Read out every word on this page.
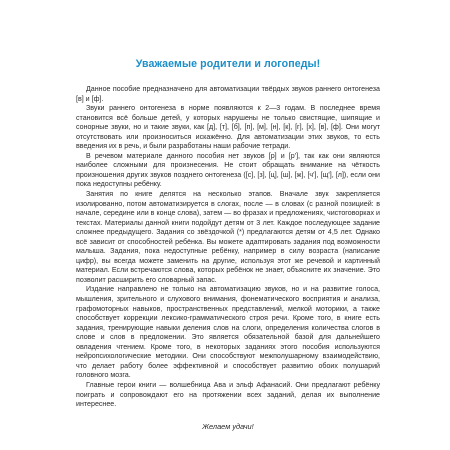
Уважаемые родители и логопеды!

Данное пособие предназначено для автоматизации твёрдых звуков раннего онтогенеза [в] и [ф].

Звуки раннего онтогенеза в норме появляются к 2—3 годам. В последнее время становится всё больше детей, у которых нарушены не только свистящие, шипящие и сонорные звуки, но и такие звуки, как [д], [т], [б], [п], [м], [н], [к], [г], [х], [в], [ф]. Они могут отсутствовать или произноситься искажённо. Для автоматизации этих звуков, то есть введения их в речь, и были разработаны наши рабочие тетради.

В речевом материале данного пособия нет звуков [р] и [р'], так как они являются наиболее сложными для произнесения. Не стоит обращать внимание на чёткость произношения других звуков позднего онтогенеза ([с], [з], [ц], [ш], [ж], [ч'], [щ'], [л]), если они пока недоступны ребёнку.

Занятия по книге делятся на несколько этапов. Вначале звук закрепляется изолированно, потом автоматизируется в слогах, после — в словах (с разной позицией: в начале, середине или в конце слова), затем — во фразах и предложениях, чистоговорках и текстах. Материалы данной книги подойдут детям от 3 лет. Каждое последующее задание сложнее предыдущего. Задания со звёздочкой (*) предлагаются детям от 4,5 лет. Однако всё зависит от способностей ребёнка. Вы можете адаптировать задания под возможности малыша. Задания, пока недоступные ребёнку, например в силу возраста (написание цифр), вы всегда можете заменить на другие, используя этот же речевой и картинный материал. Если встречаются слова, которых ребёнок не знает, объясните их значение. Это позволит расширить его словарный запас.

Издание направлено не только на автоматизацию звуков, но и на развитие голоса, мышления, зрительного и слухового внимания, фонематического восприятия и анализа, графомоторных навыков, пространственных представлений, мелкой моторики, а также способствует коррекции лексико-грамматического строя речи. Кроме того, в книге есть задания, тренирующие навыки деления слов на слоги, определения количества слогов в слове и слов в предложении. Это является обязательной базой для дальнейшего овладения чтением. Кроме того, в некоторых заданиях этого пособия используются нейропсихологические методики. Они способствуют межполушарному взаимодействию, что делает работу более эффективной и способствует развитию обоих полушарий головного мозга.

Главные герои книги — волшебница Ава и эльф Афанасий. Они предлагают ребёнку поиграть и сопровождают его на протяжении всех заданий, делая их выполнение интереснее.

Желаем удачи!
